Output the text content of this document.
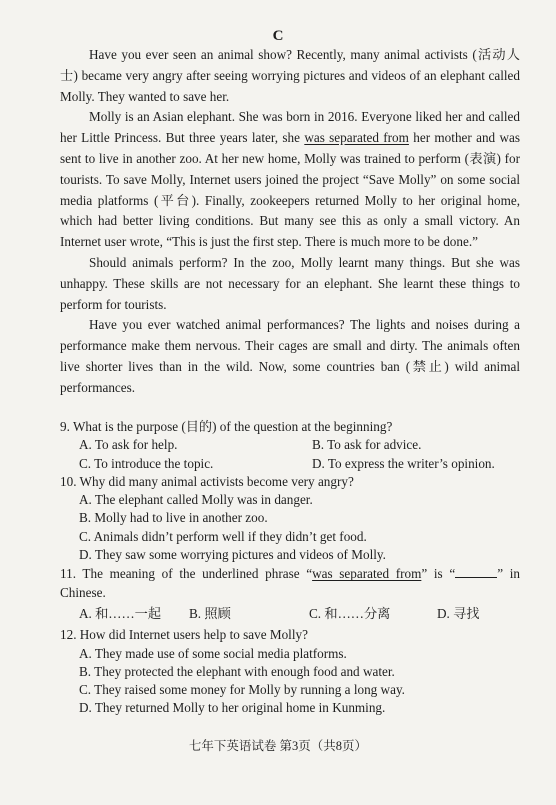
C

Have you ever seen an animal show? Recently, many animal activists (活动人士) became very angry after seeing worrying pictures and videos of an elephant called Molly. They wanted to save her.

Molly is an Asian elephant. She was born in 2016. Everyone liked her and called her Little Princess. But three years later, she was separated from her mother and was sent to live in another zoo. At her new home, Molly was trained to perform (表演) for tourists. To save Molly, Internet users joined the project “Save Molly” on some social media platforms (平台). Finally, zookeepers returned Molly to her original home, which had better living conditions. But many see this as only a small victory. An Internet user wrote, “This is just the first step. There is much more to be done.”

Should animals perform? In the zoo, Molly learnt many things. But she was unhappy. These skills are not necessary for an elephant. She learnt these things to perform for tourists.

Have you ever watched animal performances? The lights and noises during a performance make them nervous. Their cages are small and dirty. The animals often live shorter lives than in the wild. Now, some countries ban (禁止) wild animal performances.

9. What is the purpose (目的) of the question at the beginning?

A. To ask for help.	B. To ask for advice.
C. To introduce the topic.	D. To express the writer’s opinion.

10. Why did many animal activists become very angry?

A. The elephant called Molly was in danger.

B. Molly had to live in another zoo.

C. Animals didn’t perform well if they didn’t get food.

D. They saw some worrying pictures and videos of Molly.

11. The meaning of the underlined phrase “was separated from” is “	” in Chinese.

A. 和……一起	B. 照顾	C. 和……分离	D. 寻找

12. How did Internet users help to save Molly?

A. They made use of some social media platforms.

B. They protected the elephant with enough food and water.

C. They raised some money for Molly by running a long way.

D. They returned Molly to her original home in Kunming.

七年下英语试卷 第3页（共8页）
